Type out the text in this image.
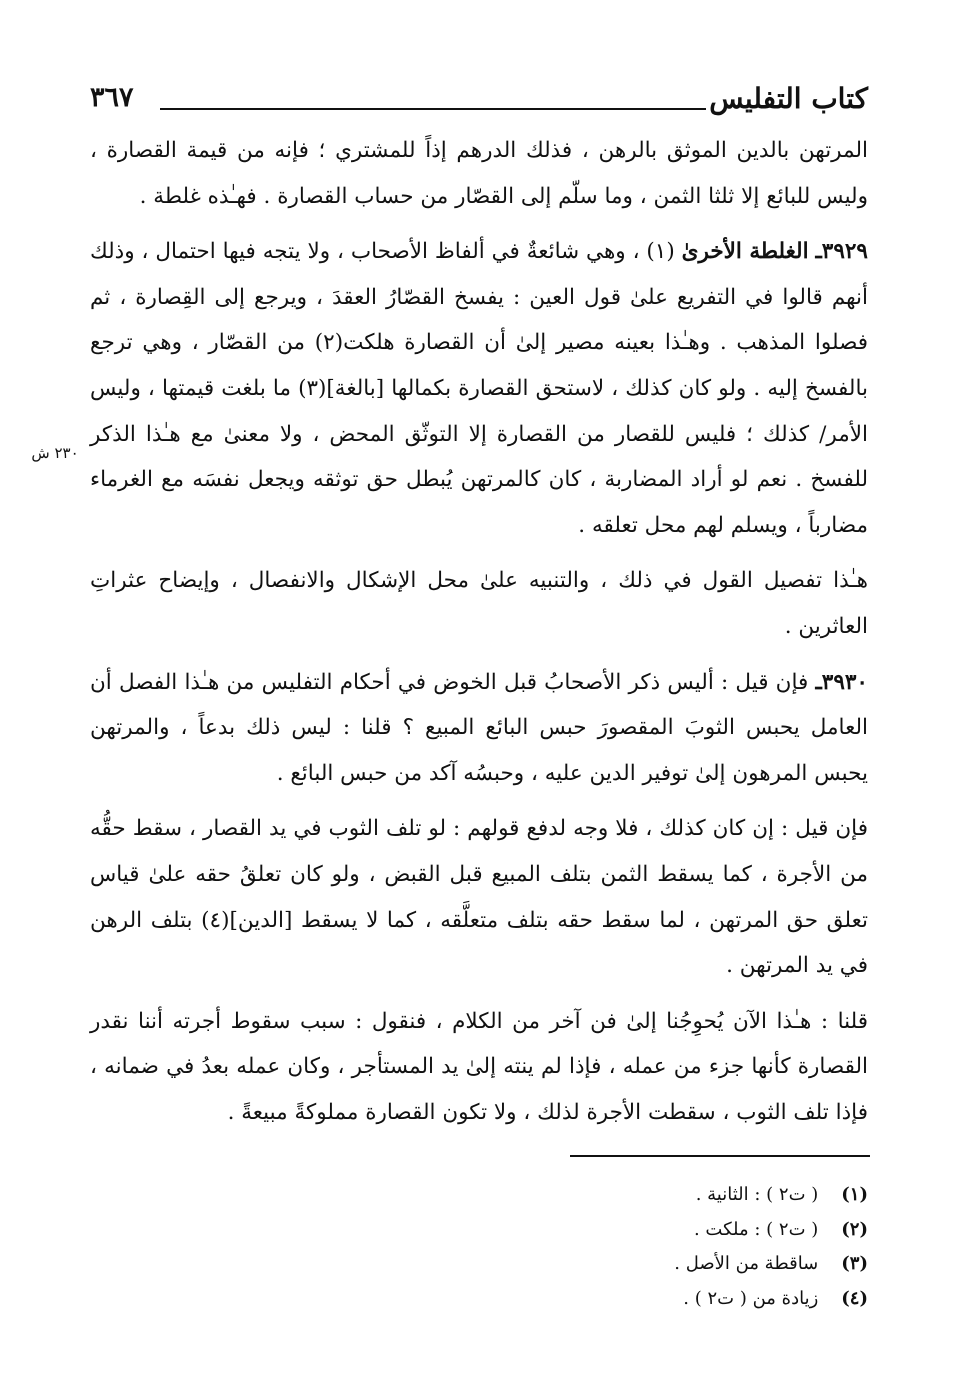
كتاب التفليس
٣٦٧
٢٣٠ ش

المرتهن بالدين الموثق بالرهن ، فذلك الدرهم إذاً للمشتري ؛ فإنه من قيمة القصارة ، وليس للبائع إلا ثلثا الثمن ، وما سلّم إلى القصّار من حساب القصارة . فهـٰذه غلطة .

٣٩٢٩ـ الغلطة الأخرىٰ (١) ، وهي شائعةٌ في ألفاظ الأصحاب ، ولا يتجه فيها احتمال ، وذلك أنهم قالوا في التفريع علىٰ قول العين : يفسخ القصّارُ العقدَ ، ويرجع إلى القِصارة ، ثم فصلوا المذهب . وهـٰذا بعينه مصير إلىٰ أن القصارة هلكت(٢) من القصّار ، وهي ترجع بالفسخ إليه . ولو كان كذلك ، لاستحق القصارة بكمالها [بالغة](٣) ما بلغت قيمتها ، وليس الأمر/ كذلك ؛ فليس للقصار من القصارة إلا التوثّق المحض ، ولا معنىٰ مع هـٰذا الذكر للفسخ . نعم لو أراد المضاربة ، كان كالمرتهن يُبطل حق توثقه ويجعل نفسَه مع الغرماء مضارباً ، ويسلم لهم محل تعلقه .

هـٰذا تفصيل القول في ذلك ، والتنبيه علىٰ محل الإشكال والانفصال ، وإيضاح عثراتِ العاثرين .

٣٩٣٠ـ فإن قيل : أليس ذكر الأصحابُ قبل الخوض في أحكام التفليس من هـٰذا الفصل أن العامل يحبس الثوبَ المقصورَ حبس البائع المبيع ؟ قلنا : ليس ذلك بدعاً ، والمرتهن يحبس المرهون إلىٰ توفير الدين عليه ، وحبسُه آكد من حبس البائع .

فإن قيل : إن كان كذلك ، فلا وجه لدفع قولهم : لو تلف الثوب في يد القصار ، سقط حقُّه من الأجرة ، كما يسقط الثمن بتلف المبيع قبل القبض ، ولو كان تعلقُ حقه علىٰ قياس تعلق حق المرتهن ، لما سقط حقه بتلف متعلَّقه ، كما لا يسقط [الدين](٤) بتلف الرهن في يد المرتهن .

قلنا : هـٰذا الآن يُحوِجُنا إلىٰ فن آخر من الكلام ، فنقول : سبب سقوط أجرته أننا نقدر القصارة كأنها جزء من عمله ، فإذا لم ينته إلىٰ يد المستأجر ، وكان عمله بعدُ في ضمانه ، فإذا تلف الثوب ، سقطت الأجرة لذلك ، ولا تكون القصارة مملوكةً مبيعةً .

(١) ( ت٢ ) : الثانية .
(٢) ( ت٢ ) : ملكت .
(٣) ساقطة من الأصل .
(٤) زيادة من ( ت٢ ) .
